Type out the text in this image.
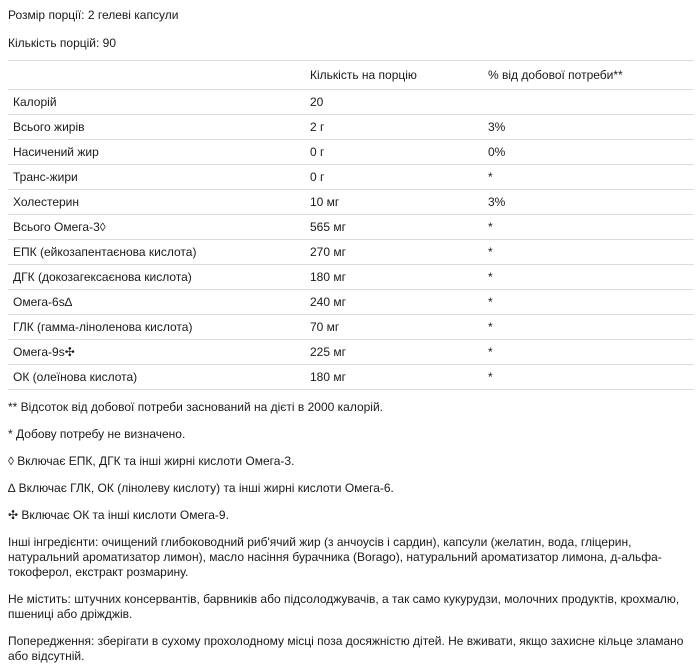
Розмір порції: 2 гелеві капсули
Кількість порцій: 90
	Кількість на порцію	% від добової потреби**
Калорій	20	
Всього жирів	2 г	3%
Насичений жир	0 г	0%
Транс-жири	0 г	*
Холестерин	10 мг	3%
Всього Омега-3◊	565 мг	*
ЕПК (ейкозапентаєнова кислота)	270 мг	*
ДГК (докозагексаєнова кислота)	180 мг	*
Омега-6s∆	240 мг	*
ГЛК (гамма-ліноленова кислота)	70 мг	*
Омега-9s✣	225 мг	*
ОК (олеїнова кислота)	180 мг	*

** Відсоток від добової потреби заснований на дієті в 2000 калорій.

* Добову потребу не визначено.

◊ Включає ЕПК, ДГК та інші жирні кислоти Омега-3.

∆ Включає ГЛК, ОК (лінолеву кислоту) та інші жирні кислоти Омега-6.

✣ Включає ОК та інші кислоти Омега-9.

Інші інгредієнти: очищений глибоководний риб'ячий жир (з анчоусів і сардин), капсули (желатин, вода, гліцерин, натуральний ароматизатор лимон), масло насіння бурачника (Borago), натуральний ароматизатор лимона, д-альфа-токоферол, екстракт розмарину.

Не містить: штучних консервантів, барвників або підсолоджувачів, а так само кукурудзи, молочних продуктів, крохмалю, пшениці або дріжджів.

Попередження: зберігати в сухому прохолодному місці поза досяжністю дітей. Не вживати, якщо захисне кільце зламано або відсутній.
